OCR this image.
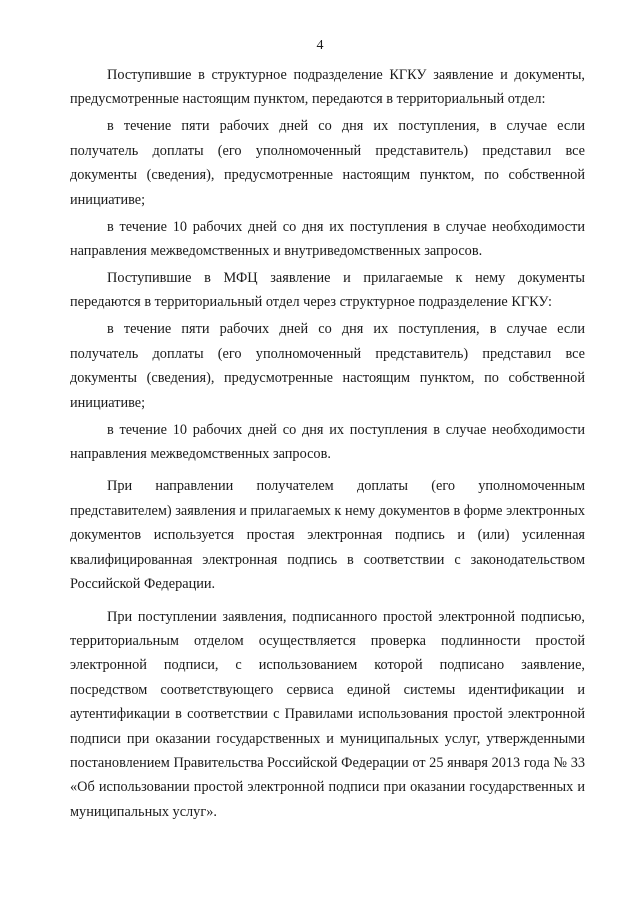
4

Поступившие в структурное подразделение КГКУ заявление и документы, предусмотренные настоящим пунктом, передаются в территориальный отдел:

в течение пяти рабочих дней со дня их поступления, в случае если получатель доплаты (его уполномоченный представитель) представил все документы (сведения), предусмотренные настоящим пунктом, по собственной инициативе;

в течение 10 рабочих дней со дня их поступления в случае необходимости направления межведомственных и внутриведомственных запросов.

Поступившие в МФЦ заявление и прилагаемые к нему документы передаются в территориальный отдел через структурное подразделение КГКУ:

в течение пяти рабочих дней со дня их поступления, в случае если получатель доплаты (его уполномоченный представитель) представил все документы (сведения), предусмотренные настоящим пунктом, по собственной инициативе;

в течение 10 рабочих дней со дня их поступления в случае необходимости направления межведомственных запросов.

При направлении получателем доплаты (его уполномоченным представителем) заявления и прилагаемых к нему документов в форме электронных документов используется простая электронная подпись и (или) усиленная квалифицированная электронная подпись в соответствии с законодательством Российской Федерации.

При поступлении заявления, подписанного простой электронной подписью, территориальным отделом осуществляется проверка подлинности простой электронной подписи, с использованием которой подписано заявление, посредством соответствующего сервиса единой системы идентификации и аутентификации в соответствии с Правилами использования простой электронной подписи при оказании государственных и муниципальных услуг, утвержденными постановлением Правительства Российской Федерации от 25 января 2013 года № 33 «Об использовании простой электронной подписи при оказании государственных и муниципальных услуг».
